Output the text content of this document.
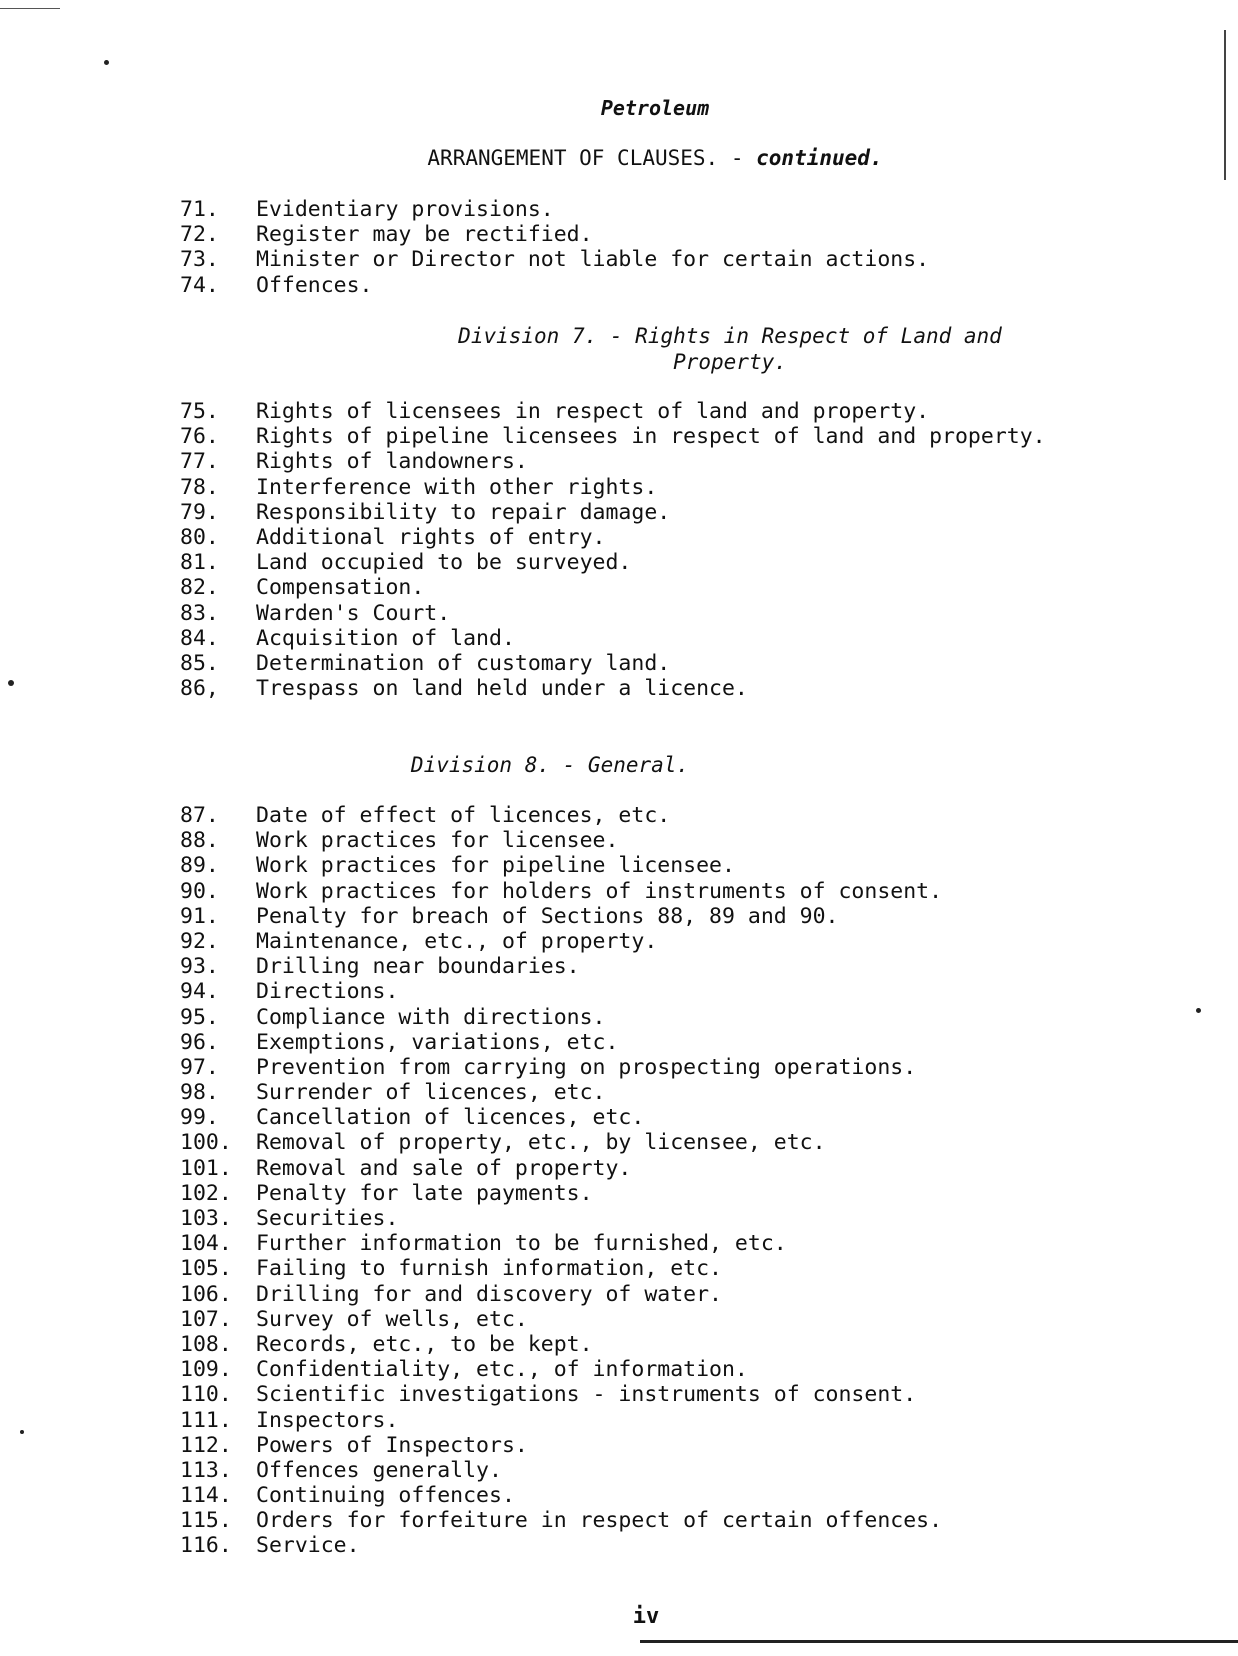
Petroleum
ARRANGEMENT OF CLAUSES. - continued.
71.	Evidentiary provisions.
72.	Register may be rectified.
73.	Minister or Director not liable for certain actions.
74.	Offences.
Division 7. - Rights in Respect of Land and
Property.
75.	Rights of licensees in respect of land and property.
76.	Rights of pipeline licensees in respect of land and property.
77.	Rights of landowners.
78.	Interference with other rights.
79.	Responsibility to repair damage.
80.	Additional rights of entry.
81.	Land occupied to be surveyed.
82.	Compensation.
83.	Warden's Court.
84.	Acquisition of land.
85.	Determination of customary land.
86,	Trespass on land held under a licence.
Division 8. - General.
87.	Date of effect of licences, etc.
88.	Work practices for licensee.
89.	Work practices for pipeline licensee.
90.	Work practices for holders of instruments of consent.
91.	Penalty for breach of Sections 88, 89 and 90.
92.	Maintenance, etc., of property.
93.	Drilling near boundaries.
94.	Directions.
95.	Compliance with directions.
96.	Exemptions, variations, etc.
97.	Prevention from carrying on prospecting operations.
98.	Surrender of licences, etc.
99.	Cancellation of licences, etc.
100.	Removal of property, etc., by licensee, etc.
101.	Removal and sale of property.
102.	Penalty for late payments.
103.	Securities.
104.	Further information to be furnished, etc.
105.	Failing to furnish information, etc.
106.	Drilling for and discovery of water.
107.	Survey of wells, etc.
108.	Records, etc., to be kept.
109.	Confidentiality, etc., of information.
110.	Scientific investigations - instruments of consent.
111.	Inspectors.
112.	Powers of Inspectors.
113.	Offences generally.
114.	Continuing offences.
115.	Orders for forfeiture in respect of certain offences.
116.	Service.
iv
